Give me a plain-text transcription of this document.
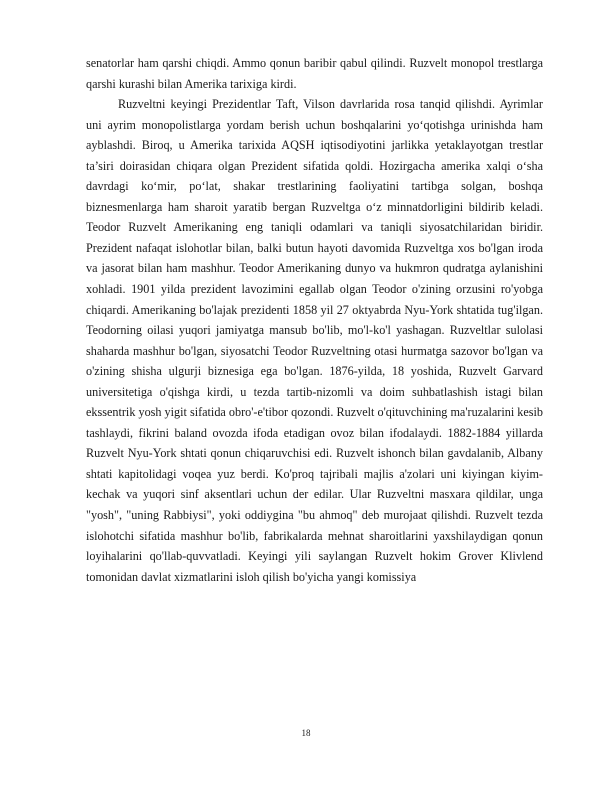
senatorlar ham qarshi chiqdi. Ammo qonun baribir qabul qilindi. Ruzvelt monopol trestlarga qarshi kurashi bilan Amerika tarixiga kirdi.

Ruzveltni keyingi Prezidentlar Taft, Vilson davrlarida rosa tanqid qilishdi. Ayrimlar uni ayrim monopolistlarga yordam berish uchun boshqalarini yo‘qotishga urinishda ham ayblashdi. Biroq, u Amerika tarixida AQSH iqtisodiyotini jarlikka yetaklayotgan trestlar ta’siri doirasidan chiqara olgan Prezident sifatida qoldi. Hozirgacha amerika xalqi o‘sha davrdagi ko‘mir, po‘lat, shakar trestlarining faoliyatini tartibga solgan, boshqa biznesmenlarga ham sharoit yaratib bergan Ruzveltga o‘z minnatdorligini bildirib keladi. Teodor Ruzvelt Amerikaning eng taniqli odamlari va taniqli siyosatchilaridan biridir. Prezident nafaqat islohotlar bilan, balki butun hayoti davomida Ruzveltga xos bo'lgan iroda va jasorat bilan ham mashhur. Teodor Amerikaning dunyo va hukmron qudratga aylanishini xohladi. 1901 yilda prezident lavozimini egallab olgan Teodor o'zining orzusini ro'yobga chiqardi. Amerikaning bo'lajak prezidenti 1858 yil 27 oktyabrda Nyu-York shtatida tug'ilgan. Teodorning oilasi yuqori jamiyatga mansub bo'lib, mo'l-ko'l yashagan. Ruzveltlar sulolasi shaharda mashhur bo'lgan, siyosatchi Teodor Ruzveltning otasi hurmatga sazovor bo'lgan va o'zining shisha ulgurji biznesiga ega bo'lgan. 1876-yilda, 18 yoshida, Ruzvelt Garvard universitetiga o'qishga kirdi, u tezda tartib-nizomli va doim suhbatlashish istagi bilan ekssentrik yosh yigit sifatida obro'-e'tibor qozondi. Ruzvelt o'qituvchining ma'ruzalarini kesib tashlaydi, fikrini baland ovozda ifoda etadigan ovoz bilan ifodalaydi. 1882-1884 yillarda Ruzvelt Nyu-York shtati qonun chiqaruvchisi edi. Ruzvelt ishonch bilan gavdalanib, Albany shtati kapitolidagi voqea yuz berdi. Ko'proq tajribali majlis a'zolari uni kiyingan kiyim-kechak va yuqori sinf aksentlari uchun der edilar. Ular Ruzveltni masxara qildilar, unga "yosh", "uning Rabbiysi", yoki oddiygina "bu ahmoq" deb murojaat qilishdi. Ruzvelt tezda islohotchi sifatida mashhur bo'lib, fabrikalarda mehnat sharoitlarini yaxshilaydigan qonun loyihalarini qo'llab-quvvatladi. Keyingi yili saylangan Ruzvelt hokim Grover Klivlend tomonidan davlat xizmatlarini isloh qilish bo'yicha yangi komissiya

18
